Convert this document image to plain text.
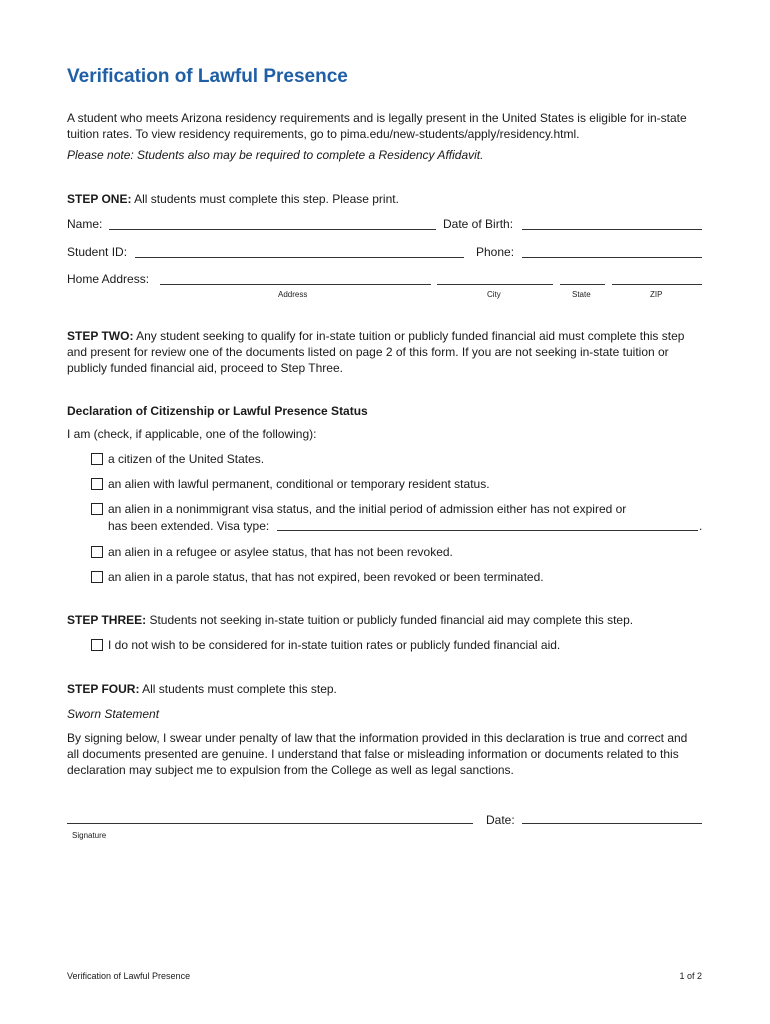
Verification of Lawful Presence
A student who meets Arizona residency requirements and is legally present in the United States is eligible for in-state
tuition rates. To view residency requirements, go to pima.edu/new-students/apply/residency.html.
Please note: Students also may be required to complete a Residency Affidavit.
STEP ONE: All students must complete this step. Please print.
Name:	Date of Birth:
Student ID:	Phone:
Home Address:
Address	City	State	ZIP
STEP TWO: Any student seeking to qualify for in-state tuition or publicly funded financial aid must complete this step
and present for review one of the documents listed on page 2 of this form. If you are not seeking in-state tuition or
publicly funded financial aid, proceed to Step Three.
Declaration of Citizenship or Lawful Presence Status
I am (check, if applicable, one of the following):
a citizen of the United States.
an alien with lawful permanent, conditional or temporary resident status.
an alien in a nonimmigrant visa status, and the initial period of admission either has not expired or
has been extended. Visa type:	.
an alien in a refugee or asylee status, that has not been revoked.
an alien in a parole status, that has not expired, been revoked or been terminated.
STEP THREE: Students not seeking in-state tuition or publicly funded financial aid may complete this step.
I do not wish to be considered for in-state tuition rates or publicly funded financial aid.
STEP FOUR: All students must complete this step.
Sworn Statement
By signing below, I swear under penalty of law that the information provided in this declaration is true and correct and
all documents presented are genuine. I understand that false or misleading information or documents related to this
declaration may subject me to expulsion from the College as well as legal sanctions.
Date:
Signature
Verification of Lawful Presence	1 of 2
